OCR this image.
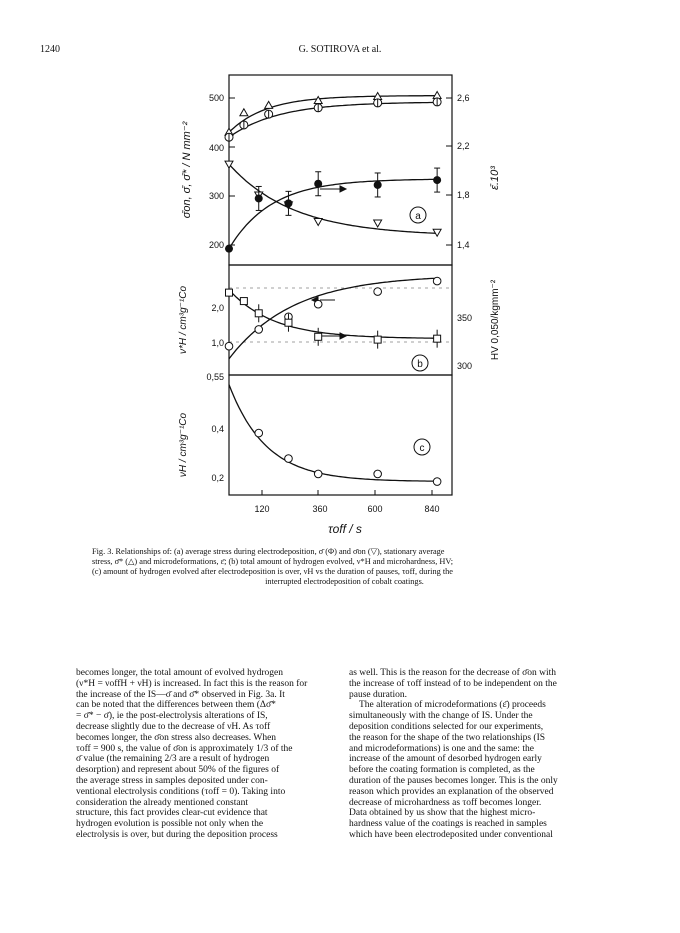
1240	G. SOTIROVA et al.
500
400
300
200
2,6
2,2
1,8
1,4
2,0
1,0
0,55
350
300
0,4
0,2
120	360	600	840
σ̄on, σ̄, σ̄* / N mm⁻²	ε̄.10³
ν*H / cm³g⁻¹Co	HV 0,050/kgmm⁻²
νH / cm³g⁻¹Co
τoff / s
a
b
c
Fig. 3. Relationships of: (a) average stress during electrodeposition, σ̄ (Φ) and σ̄on (▽), stationary average
stress, σ̄* (△) and microdeformations, ε̄; (b) total amount of hydrogen evolved, ν*H and microhardness, HV;
(c) amount of hydrogen evolved after electrodeposition is over, νH vs the duration of pauses, τoff, during the
interrupted electrodeposition of cobalt coatings.

becomes longer, the total amount of evolved hydrogen

(ν*H = νoffH + νH) is increased. In fact this is the reason for

the increase of the IS—σ̄ and σ̄* observed in Fig. 3a. It

can be noted that the differences between them (Δσ̄*

= σ̄* − σ̄), ie the post-electrolysis alterations of IS,

decrease slightly due to the decrease of νH. As τoff

becomes longer, the σ̄on stress also decreases. When

τoff = 900 s, the value of σ̄on is approximately 1/3 of the

σ̄ value (the remaining 2/3 are a result of hydrogen

desorption) and represent about 50% of the figures of

the average stress in samples deposited under con-

ventional electrolysis conditions (τoff = 0). Taking into

consideration the already mentioned constant

structure, this fact provides clear-cut evidence that

hydrogen evolution is possible not only when the

electrolysis is over, but during the deposition process

as well. This is the reason for the decrease of σ̄on with

the increase of τoff instead of to be independent on the

pause duration.

The alteration of microdeformations (ε̄) proceeds

simultaneously with the change of IS. Under the

deposition conditions selected for our experiments,

the reason for the shape of the two relationships (IS

and microdeformations) is one and the same: the

increase of the amount of desorbed hydrogen early

before the coating formation is completed, as the

duration of the pauses becomes longer. This is the only

reason which provides an explanation of the observed

decrease of microhardness as τoff becomes longer.

Data obtained by us show that the highest micro-

hardness value of the coatings is reached in samples

which have been electrodeposited under conventional
